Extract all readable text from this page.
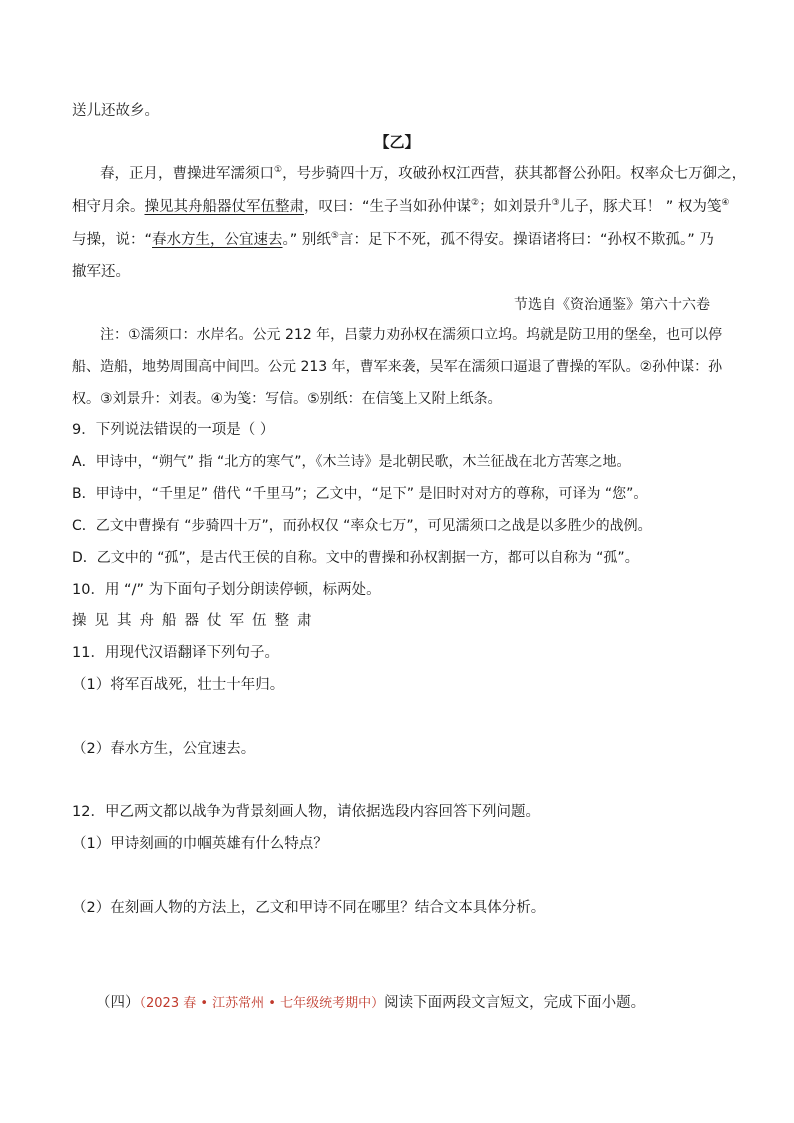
送儿还故乡。
【乙】
春，正月，曹操进军濡须口①，号步骑四十万，攻破孙权江西营，获其都督公孙阳。权率众七万御之，
相守月余。操见其舟船器仗军伍整肃，叹曰：“生子当如孙仲谋②；如刘景升③儿子，豚犬耳！ ” 权为笺④
与操，说：“春水方生，公宜速去。” 别纸⑤言：足下不死，孤不得安。操语诸将曰：“孙权不欺孤。” 乃
撤军还。
节选自《资治通鉴》第六十六卷
注：①濡须口：水岸名。公元 212 年，吕蒙力劝孙权在濡须口立坞。坞就是防卫用的堡垒，也可以停
船、造船，地势周围高中间凹。公元 213 年，曹军来袭，吴军在濡须口逼退了曹操的军队。②孙仲谋：孙
权。③刘景升：刘表。④为笺：写信。⑤别纸：在信笺上又附上纸条。
9．下列说法错误的一项是（ ）
A．甲诗中，“朔气” 指 “北方的寒气”，《木兰诗》是北朝民歌，木兰征战在北方苦寒之地。
B．甲诗中，“千里足” 借代 “千里马”；乙文中，“足下” 是旧时对对方的尊称，可译为 “您”。
C．乙文中曹操有 “步骑四十万”，而孙权仅 “率众七万”，可见濡须口之战是以多胜少的战例。
D．乙文中的 “孤”，是古代王侯的自称。文中的曹操和孙权割据一方，都可以自称为 “孤”。
10．用 “/” 为下面句子划分朗读停顿，标两处。
操见其舟船器仗军伍整肃
11．用现代汉语翻译下列句子。
（1）将军百战死，壮士十年归。
（2）春水方生，公宜速去。
12．甲乙两文都以战争为背景刻画人物，请依据选段内容回答下列问题。
（1）甲诗刻画的巾帼英雄有什么特点？
（2）在刻画人物的方法上，乙文和甲诗不同在哪里？结合文本具体分析。
（四）（2023 春 • 江苏常州 • 七年级统考期中）阅读下面两段文言短文，完成下面小题。
